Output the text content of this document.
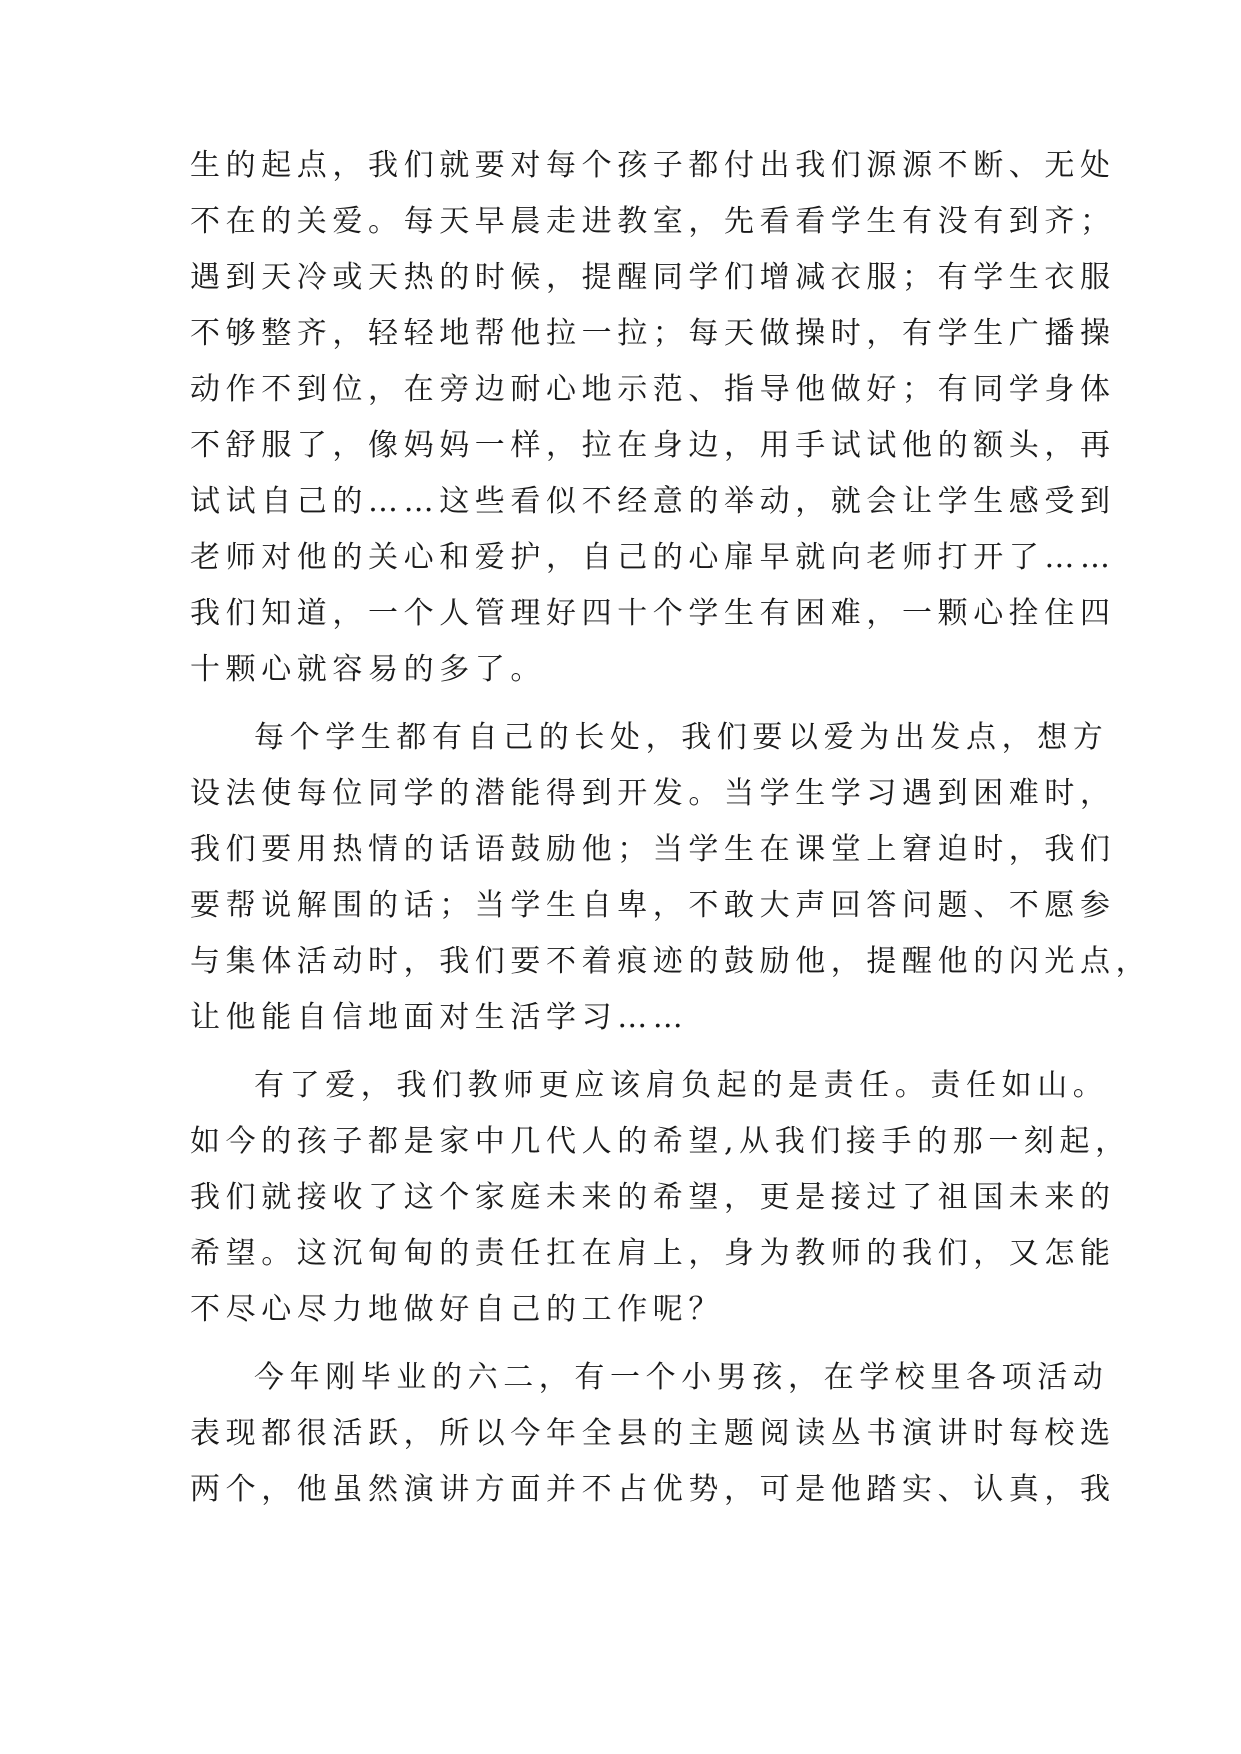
生的起点，我们就要对每个孩子都付出我们源源不断、无处
不在的关爱。每天早晨走进教室，先看看学生有没有到齐；
遇到天冷或天热的时候，提醒同学们增减衣服；有学生衣服
不够整齐，轻轻地帮他拉一拉；每天做操时，有学生广播操
动作不到位，在旁边耐心地示范、指导他做好；有同学身体
不舒服了，像妈妈一样，拉在身边，用手试试他的额头，再
试试自己的……这些看似不经意的举动，就会让学生感受到
老师对他的关心和爱护，自己的心扉早就向老师打开了……
我们知道，一个人管理好四十个学生有困难，一颗心拴住四
十颗心就容易的多了。
每个学生都有自己的长处，我们要以爱为出发点，想方
设法使每位同学的潜能得到开发。当学生学习遇到困难时，
我们要用热情的话语鼓励他；当学生在课堂上窘迫时，我们
要帮说解围的话；当学生自卑，不敢大声回答问题、不愿参
与集体活动时，我们要不着痕迹的鼓励他，提醒他的闪光点，
让他能自信地面对生活学习……
有了爱，我们教师更应该肩负起的是责任。责任如山。
如今的孩子都是家中几代人的希望,从我们接手的那一刻起，
我们就接收了这个家庭未来的希望，更是接过了祖国未来的
希望。这沉甸甸的责任扛在肩上，身为教师的我们，又怎能
不尽心尽力地做好自己的工作呢？
今年刚毕业的六二，有一个小男孩，在学校里各项活动
表现都很活跃，所以今年全县的主题阅读丛书演讲时每校选
两个，他虽然演讲方面并不占优势，可是他踏实、认真，我
